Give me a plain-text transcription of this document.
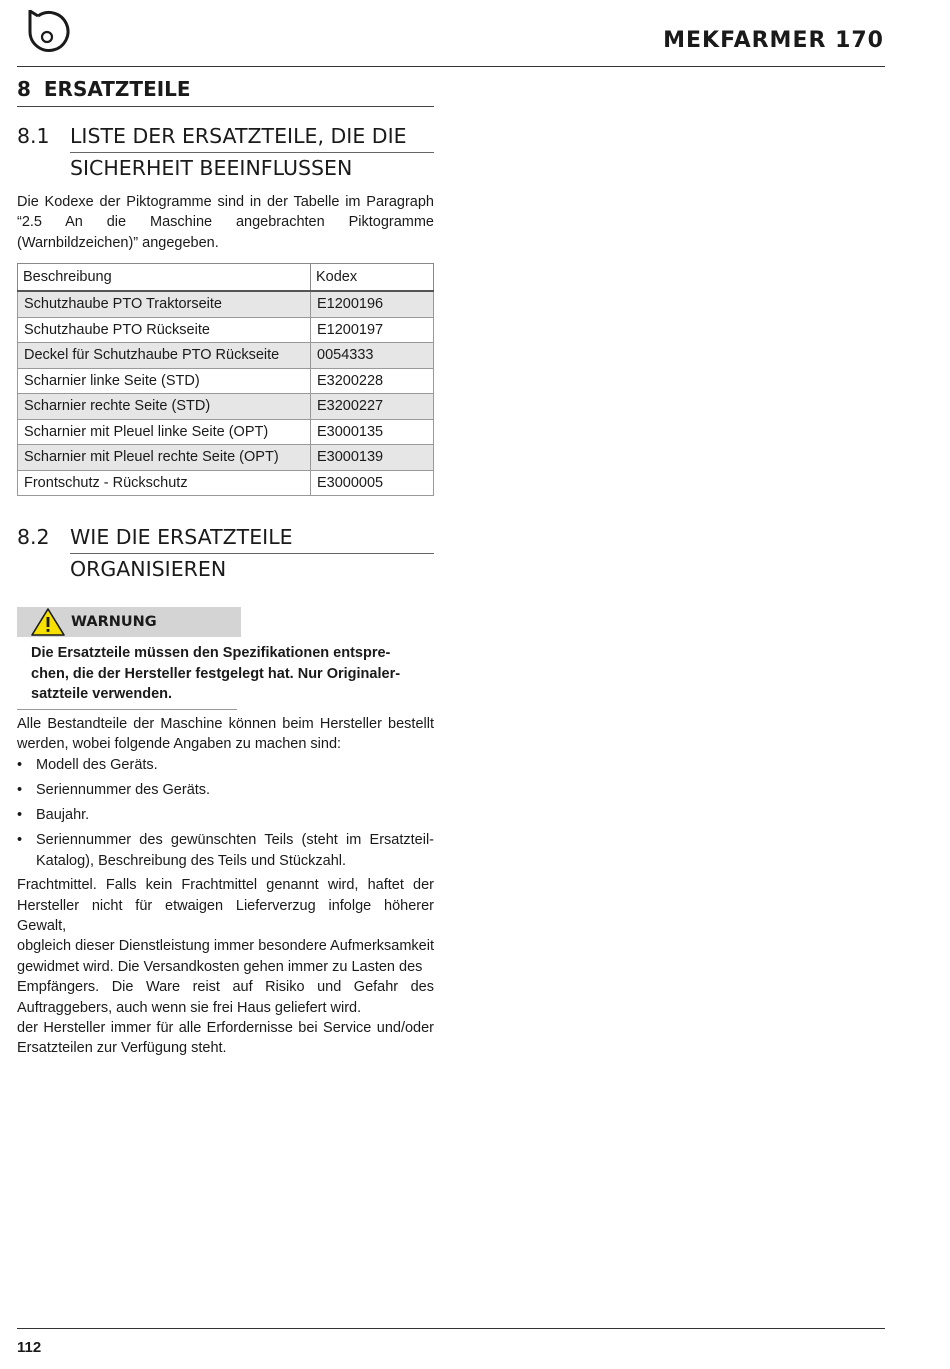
MEKFARMER 170
8 ERSATZTEILE
8.1 LISTE DER ERSATZTEILE, DIE DIE
SICHERHEIT BEEINFLUSSEN

Die Kodexe der Piktogramme sind in der Tabelle im Paragraph “2.5 An die Maschine angebrachten Piktogramme (Warnbildzeichen)” angegeben.

Beschreibung	Kodex
Schutzhaube PTO Traktorseite	E1200196
Schutzhaube PTO Rückseite	E1200197
Deckel für Schutzhaube PTO Rückseite	0054333
Scharnier linke Seite (STD)	E3200228
Scharnier rechte Seite (STD)	E3200227
Scharnier mit Pleuel linke Seite (OPT)	E3000135
Scharnier mit Pleuel rechte Seite (OPT)	E3000139
Frontschutz - Rückschutz	E3000005
8.2 WIE DIE ERSATZTEILE
ORGANISIEREN
WARNUNG
Die Ersatzteile müssen den Spezifikationen entspre-
chen, die der Hersteller festgelegt hat. Nur Originaler-
satzteile verwenden.

Alle Bestandteile der Maschine können beim Hersteller bestellt werden, wobei folgende Angaben zu machen sind:

• Modell des Geräts.
• Seriennummer des Geräts.
• Baujahr.
• Seriennummer des gewünschten Teils (steht im Ersatzteil-Katalog), Beschreibung des Teils und Stückzahl.
Frachtmittel. Falls kein Frachtmittel genannt wird, haftet der Hersteller nicht für etwaigen Lieferverzug infolge höherer Gewalt,
obgleich dieser Dienstleistung immer besondere Aufmerksamkeit gewidmet wird. Die Versandkosten gehen immer zu Lasten des
Empfängers. Die Ware reist auf Risiko und Gefahr des Auftraggebers, auch wenn sie frei Haus geliefert wird.
der Hersteller immer für alle Erfordernisse bei Service und/oder Ersatzteilen zur Verfügung steht.
112
